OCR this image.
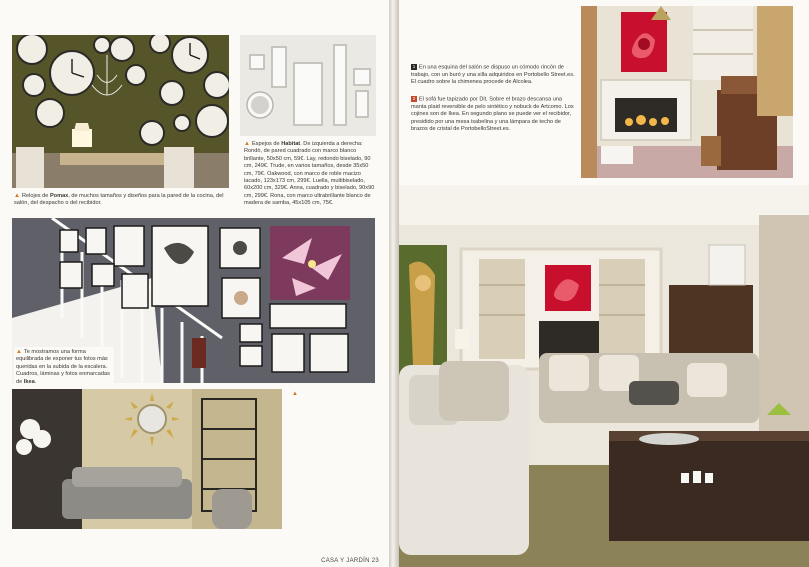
▲ Relojes de Pomax, de muchos tamaños y diseños para la pared de la cocina, del salón, del despacho o del recibidor.
▲ Espejos de Habitat. De izquierda a derecha: Rondò, de pared cuadrado con marco blanco brillante, 50x50 cm, 59€. Lay, redondo biselado, 90 cm, 249€. Trude, en varios tamaños, desde 35x50 cm, 79€. Oakwood, con marco de roble macizo lacado, 123x173 cm, 299€. Luella, multibiselado, 60x200 cm, 329€. Anna, cuadrado y biselado, 90x90 cm, 299€. Rona, con marco ultrabrillante blanco de madera de samba, 45x105 cm, 75€.
▲ Te mostramos una forma equilibrada de exponer tus fotos más queridas en la subida de la escalera. Cuadros, láminas y fotos enmarcadas de Ikea.
▲
CASA Y JARDÍN 23
1 En una esquina del salón se dispuso un cómodo rincón de trabajo, con un buró y una silla adquiridos en Portobello Street.es. El cuadro sobre la chimenea procede de Alcolea.
2 El sofá fue tapizado por Dit. Sobre el brazo descansa una manta plaid reversible de pelo sintético y nobuck de Artcomo. Los cojines son de Ikea. En segundo plano se puede ver el recibidor, presidido por una mesa isabelina y una lámpara de techo de brazos de cristal de PortobelloStreet.es.
